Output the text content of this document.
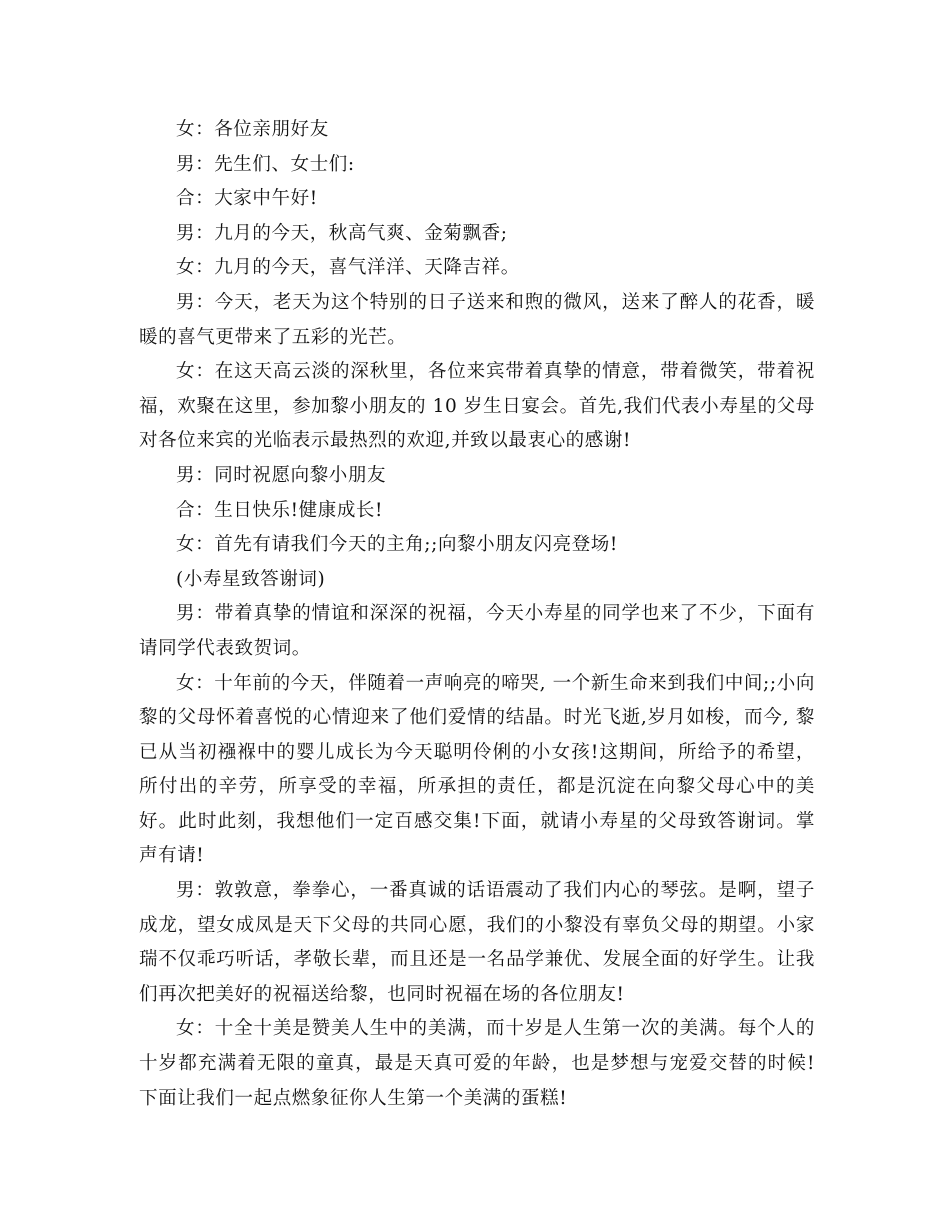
女：各位亲朋好友

男：先生们、女士们:

合：大家中午好!

男：九月的今天，秋高气爽、金菊飘香;

女：九月的今天，喜气洋洋、天降吉祥。

男：今天，老天为这个特别的日子送来和煦的微风，送来了醉人的花香，暖暖的喜气更带来了五彩的光芒。

女：在这天高云淡的深秋里，各位来宾带着真挚的情意，带着微笑，带着祝福，欢聚在这里，参加黎小朋友的 10 岁生日宴会。首先,我们代表小寿星的父母对各位来宾的光临表示最热烈的欢迎,并致以最衷心的感谢!

男：同时祝愿向黎小朋友

合：生日快乐!健康成长!

女：首先有请我们今天的主角;;向黎小朋友闪亮登场!

(小寿星致答谢词)

男：带着真挚的情谊和深深的祝福，今天小寿星的同学也来了不少，下面有请同学代表致贺词。

女：十年前的今天，伴随着一声响亮的啼哭, 一个新生命来到我们中间;;小向黎的父母怀着喜悦的心情迎来了他们爱情的结晶。时光飞逝,岁月如梭，而今, 黎已从当初襁褓中的婴儿成长为今天聪明伶俐的小女孩!这期间，所给予的希望，所付出的辛劳，所享受的幸福，所承担的责任，都是沉淀在向黎父母心中的美好。此时此刻，我想他们一定百感交集!下面，就请小寿星的父母致答谢词。掌声有请!

男：敦敦意，拳拳心，一番真诚的话语震动了我们内心的琴弦。是啊，望子成龙，望女成凤是天下父母的共同心愿，我们的小黎没有辜负父母的期望。小家瑞不仅乖巧听话，孝敬长辈，而且还是一名品学兼优、发展全面的好学生。让我们再次把美好的祝福送给黎，也同时祝福在场的各位朋友!

女：十全十美是赞美人生中的美满，而十岁是人生第一次的美满。每个人的十岁都充满着无限的童真，最是天真可爱的年龄，也是梦想与宠爱交替的时候!下面让我们一起点燃象征你人生第一个美满的蛋糕!
